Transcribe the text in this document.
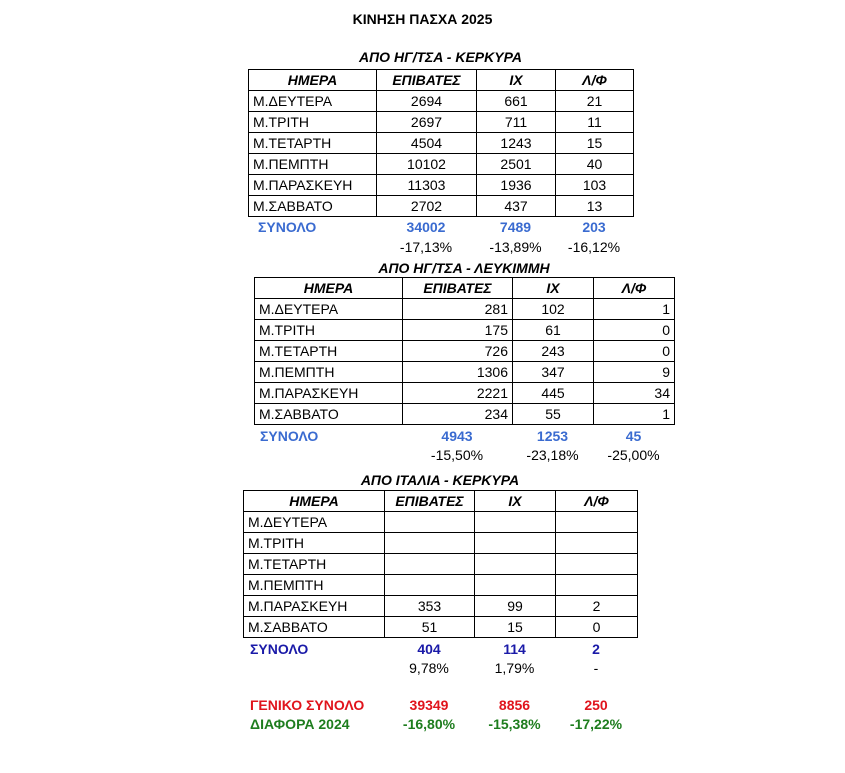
ΚΙΝΗΣΗ ΠΑΣΧΑ 2025
ΑΠΟ ΗΓ/ΤΣΑ - ΚΕΡΚΥΡΑ
ΗΜΕΡΑ	ΕΠΙΒΑΤΕΣ	ΙΧ	Λ/Φ
Μ.ΔΕΥΤΕΡΑ	2694	661	21
Μ.ΤΡΙΤΗ	2697	711	11
Μ.ΤΕΤΑΡΤΗ	4504	1243	15
Μ.ΠΕΜΠΤΗ	10102	2501	40
Μ.ΠΑΡΑΣΚΕΥΗ	11303	1936	103
Μ.ΣΑΒΒΑΤΟ	2702	437	13
ΣΥΝΟΛΟ	34002	7489	203
-17,13%	-13,89%	-16,12%
ΑΠΟ ΗΓ/ΤΣΑ - ΛΕΥΚΙΜΜΗ
ΗΜΕΡΑ	ΕΠΙΒΑΤΕΣ	ΙΧ	Λ/Φ
Μ.ΔΕΥΤΕΡΑ	281	102	1
Μ.ΤΡΙΤΗ	175	61	0
Μ.ΤΕΤΑΡΤΗ	726	243	0
Μ.ΠΕΜΠΤΗ	1306	347	9
Μ.ΠΑΡΑΣΚΕΥΗ	2221	445	34
Μ.ΣΑΒΒΑΤΟ	234	55	1
ΣΥΝΟΛΟ	4943	1253	45
-15,50%	-23,18%	-25,00%
ΑΠΟ ΙΤΑΛΙΑ - ΚΕΡΚΥΡΑ
ΗΜΕΡΑ	ΕΠΙΒΑΤΕΣ	ΙΧ	Λ/Φ
Μ.ΔΕΥΤΕΡΑ			
Μ.ΤΡΙΤΗ			
Μ.ΤΕΤΑΡΤΗ			
Μ.ΠΕΜΠΤΗ			
Μ.ΠΑΡΑΣΚΕΥΗ	353	99	2
Μ.ΣΑΒΒΑΤΟ	51	15	0
ΣΥΝΟΛΟ	404	114	2
9,78%	1,79%	-
ΓΕΝΙΚΟ ΣΥΝΟΛΟ	39349	8856	250
ΔΙΑΦΟΡΑ 2024	-16,80%	-15,38%	-17,22%
